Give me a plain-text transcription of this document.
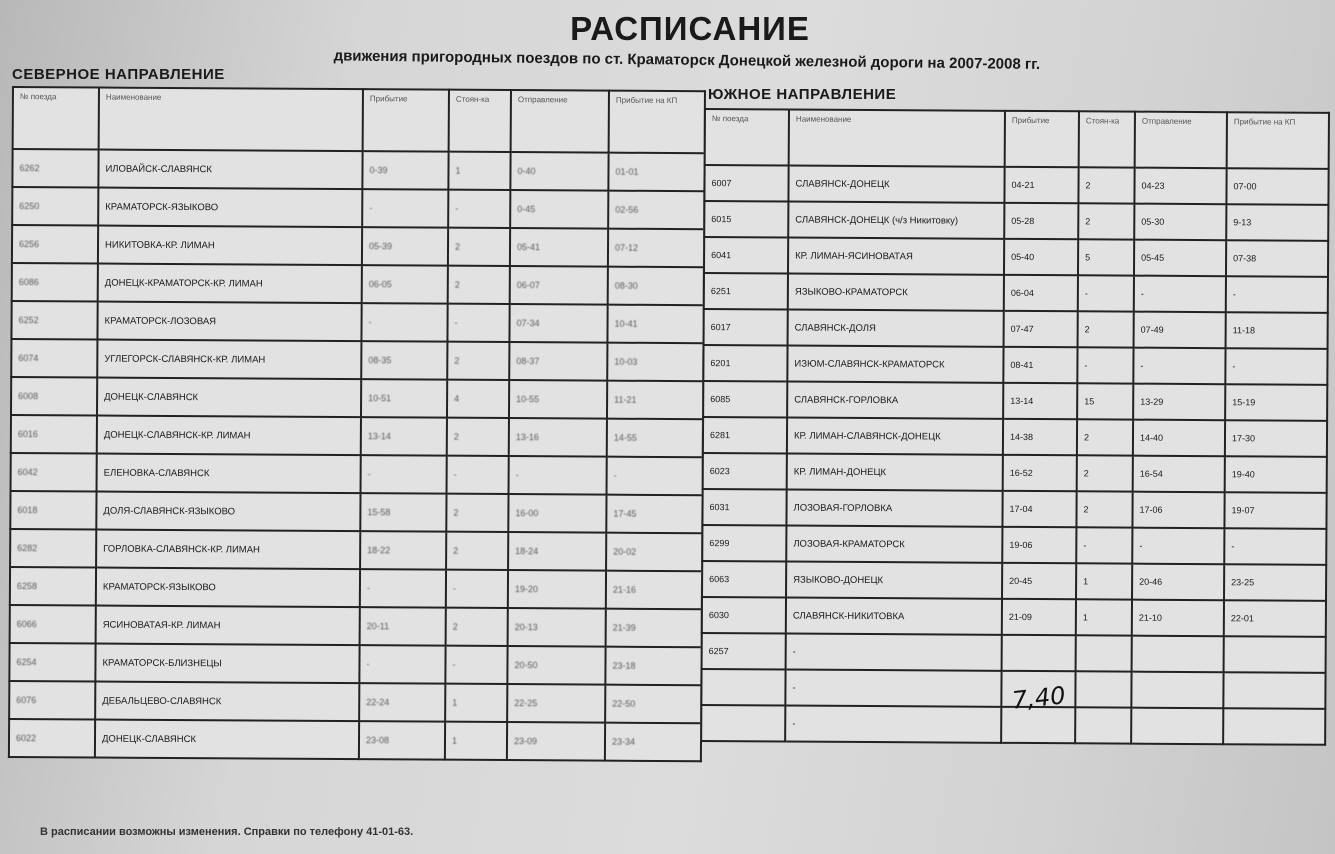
РАСПИСАНИЕ
движения пригородных поездов по ст. Краматорск Донецкой железной дороги на 2007-2008 гг.
СЕВЕРНОЕ НАПРАВЛЕНИЕ
ЮЖНОЕ НАПРАВЛЕНИЕ
№ поезда	Наименование	Прибытие	Стоян-ка	Отправление	Прибытие на КП
6262	ИЛОВАЙСК-СЛАВЯНСК	0-39	1	0-40	01-01
6250	КРАМАТОРСК-ЯЗЫКОВО	-	-	0-45	02-56
6256	НИКИТОВКА-КР. ЛИМАН	05-39	2	05-41	07-12
6086	ДОНЕЦК-КРАМАТОРСК-КР. ЛИМАН	06-05	2	06-07	08-30
6252	КРАМАТОРСК-ЛОЗОВАЯ	-	-	07-34	10-41
6074	УГЛЕГОРСК-СЛАВЯНСК-КР. ЛИМАН	08-35	2	08-37	10-03
6008	ДОНЕЦК-СЛАВЯНСК	10-51	4	10-55	11-21
6016	ДОНЕЦК-СЛАВЯНСК-КР. ЛИМАН	13-14	2	13-16	14-55
6042	ЕЛЕНОВКА-СЛАВЯНСК	-	-	-	-
6018	ДОЛЯ-СЛАВЯНСК-ЯЗЫКОВО	15-58	2	16-00	17-45
6282	ГОРЛОВКА-СЛАВЯНСК-КР. ЛИМАН	18-22	2	18-24	20-02
6258	КРАМАТОРСК-ЯЗЫКОВО	-	-	19-20	21-16
6066	ЯСИНОВАТАЯ-КР. ЛИМАН	20-11	2	20-13	21-39
6254	КРАМАТОРСК-БЛИЗНЕЦЫ	-	-	20-50	23-18
6076	ДЕБАЛЬЦЕВО-СЛАВЯНСК	22-24	1	22-25	22-50
6022	ДОНЕЦК-СЛАВЯНСК	23-08	1	23-09	23-34
№ поезда	Наименование	Прибытие	Стоян-ка	Отправление	Прибытие на КП
6007	СЛАВЯНСК-ДОНЕЦК	04-21	2	04-23	07-00
6015	СЛАВЯНСК-ДОНЕЦК (ч/з Никитовку)	05-28	2	05-30	9-13
6041	КР. ЛИМАН-ЯСИНОВАТАЯ	05-40	5	05-45	07-38
6251	ЯЗЫКОВО-КРАМАТОРСК	06-04	-	-	-
6017	СЛАВЯНСК-ДОЛЯ	07-47	2	07-49	11-18
6201	ИЗЮМ-СЛАВЯНСК-КРАМАТОРСК	08-41	-	-	-
6085	СЛАВЯНСК-ГОРЛОВКА	13-14	15	13-29	15-19
6281	КР. ЛИМАН-СЛАВЯНСК-ДОНЕЦК	14-38	2	14-40	17-30
6023	КР. ЛИМАН-ДОНЕЦК	16-52	2	16-54	19-40
6031	ЛОЗОВАЯ-ГОРЛОВКА	17-04	2	17-06	19-07
6299	ЛОЗОВАЯ-КРАМАТОРСК	19-06	-	-	-
6063	ЯЗЫКОВО-ДОНЕЦК	20-45	1	20-46	23-25
6030	СЛАВЯНСК-НИКИТОВКА	21-09	1	21-10	22-01
6257	-				
	-				
	-				
7,40
В расписании возможны изменения. Справки по телефону 41-01-63.
